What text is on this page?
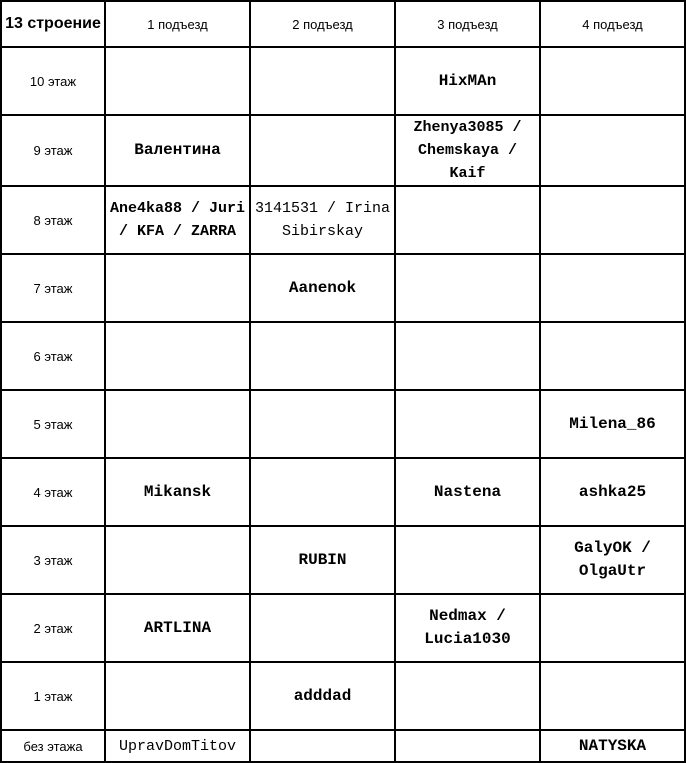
13 строение	1 подъезд	2 подъезд	3 подъезд	4 подъезд
10 этаж			HixMAn	
9 этаж	Валентина		Zhenya3085 / Chemskaya / Kaif	
8 этаж	Ane4ka88 / Juri / KFA / ZARRA	3141531 / Irina Sibirskay		
7 этаж		Aanenok		
6 этаж				
5 этаж				Milena_86
4 этаж	Mikansk		Nastena	ashka25
3 этаж		RUBIN		GalyOK / OlgaUtr
2 этаж	ARTLINA		Nedmax / Lucia1030	
1 этаж		adddad		
без этажа	UpravDomTitov			NATYSKA
